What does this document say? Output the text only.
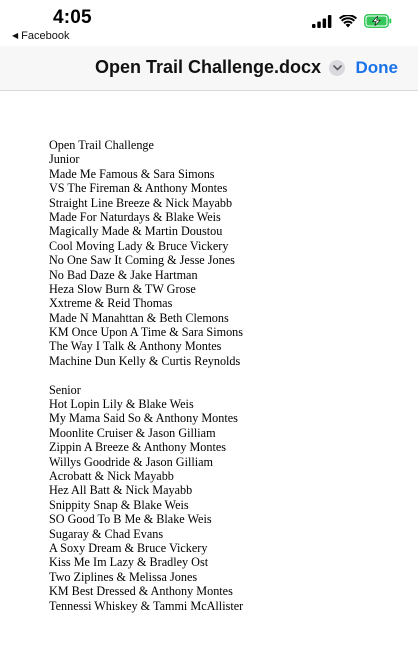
4:05
◀ Facebook
Open Trail Challenge.docx Done
Open Trail Challenge
Junior
Made Me Famous & Sara Simons
VS The Fireman & Anthony Montes
Straight Line Breeze & Nick Mayabb
Made For Naturdays & Blake Weis
Magically Made & Martin Doustou
Cool Moving Lady & Bruce Vickery
No One Saw It Coming & Jesse Jones
No Bad Daze & Jake Hartman
Heza Slow Burn & TW Grose
Xxtreme & Reid Thomas
Made N Manahttan & Beth Clemons
KM Once Upon A Time & Sara Simons
The Way I Talk & Anthony Montes
Machine Dun Kelly & Curtis Reynolds
Senior
Hot Lopin Lily & Blake Weis
My Mama Said So & Anthony Montes
Moonlite Cruiser & Jason Gilliam
Zippin A Breeze & Anthony Montes
Willys Goodride & Jason Gilliam
Acrobatt & Nick Mayabb
Hez All Batt & Nick Mayabb
Snippity Snap & Blake Weis
SO Good To B Me & Blake Weis
Sugaray & Chad Evans
A Soxy Dream & Bruce Vickery
Kiss Me Im Lazy & Bradley Ost
Two Ziplines & Melissa Jones
KM Best Dressed & Anthony Montes
Tennessi Whiskey & Tammi McAllister
